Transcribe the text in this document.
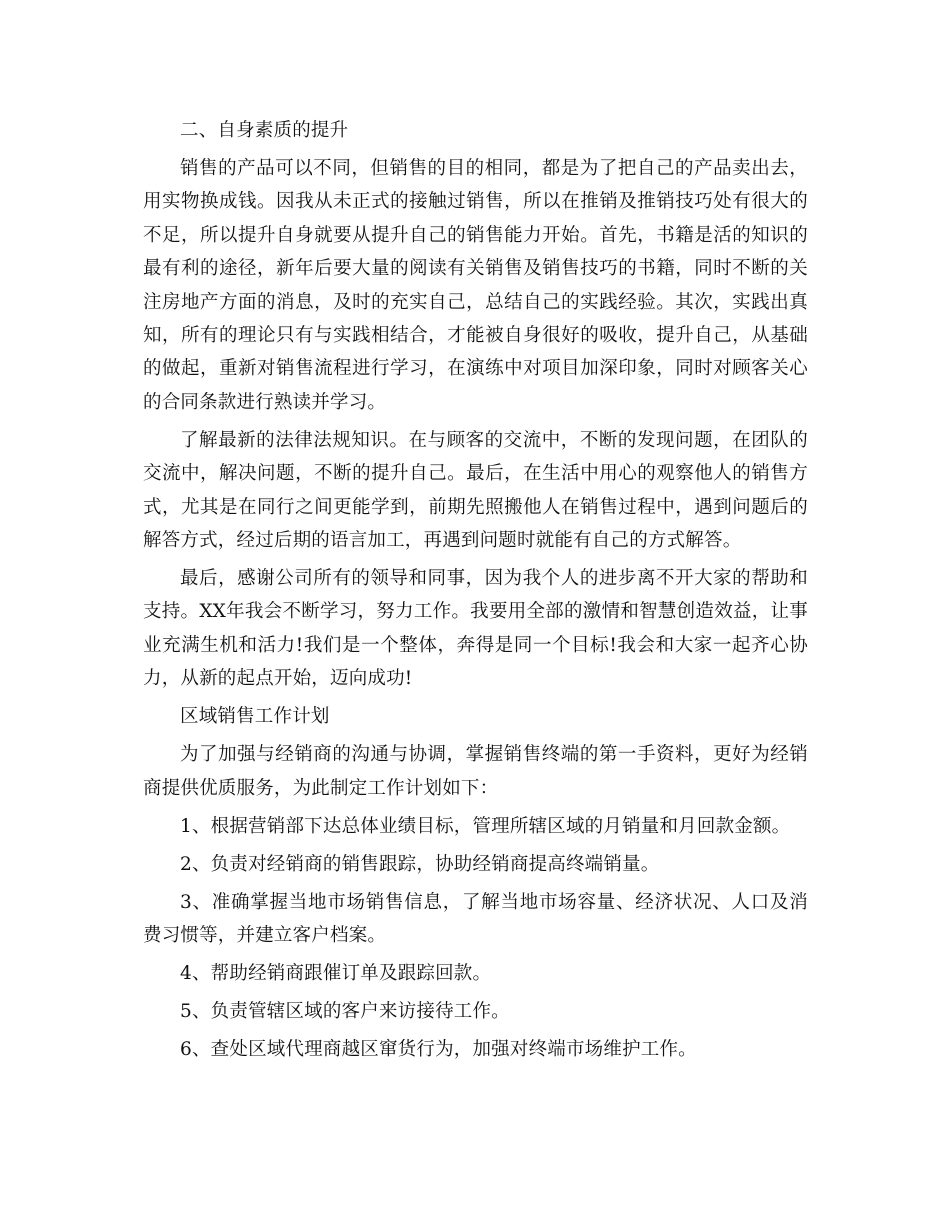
二、自身素质的提升

销售的产品可以不同，但销售的目的相同，都是为了把自己的产品卖出去，用实物换成钱。因我从未正式的接触过销售，所以在推销及推销技巧处有很大的不足，所以提升自身就要从提升自己的销售能力开始。首先，书籍是活的知识的最有利的途径，新年后要大量的阅读有关销售及销售技巧的书籍，同时不断的关注房地产方面的消息，及时的充实自己，总结自己的实践经验。其次，实践出真知，所有的理论只有与实践相结合，才能被自身很好的吸收，提升自己，从基础的做起，重新对销售流程进行学习，在演练中对项目加深印象，同时对顾客关心的合同条款进行熟读并学习。

了解最新的法律法规知识。在与顾客的交流中，不断的发现问题，在团队的交流中，解决问题，不断的提升自己。最后，在生活中用心的观察他人的销售方式，尤其是在同行之间更能学到，前期先照搬他人在销售过程中，遇到问题后的解答方式，经过后期的语言加工，再遇到问题时就能有自己的方式解答。

最后，感谢公司所有的领导和同事，因为我个人的进步离不开大家的帮助和支持。XX年我会不断学习，努力工作。我要用全部的激情和智慧创造效益，让事业充满生机和活力!我们是一个整体，奔得是同一个目标!我会和大家一起齐心协力，从新的起点开始，迈向成功!

区域销售工作计划

为了加强与经销商的沟通与协调，掌握销售终端的第一手资料，更好为经销商提供优质服务，为此制定工作计划如下：

1、根据营销部下达总体业绩目标，管理所辖区域的月销量和月回款金额。

2、负责对经销商的销售跟踪，协助经销商提高终端销量。

3、准确掌握当地市场销售信息，了解当地市场容量、经济状况、人口及消费习惯等，并建立客户档案。

4、帮助经销商跟催订单及跟踪回款。

5、负责管辖区域的客户来访接待工作。

6、查处区域代理商越区窜货行为，加强对终端市场维护工作。
